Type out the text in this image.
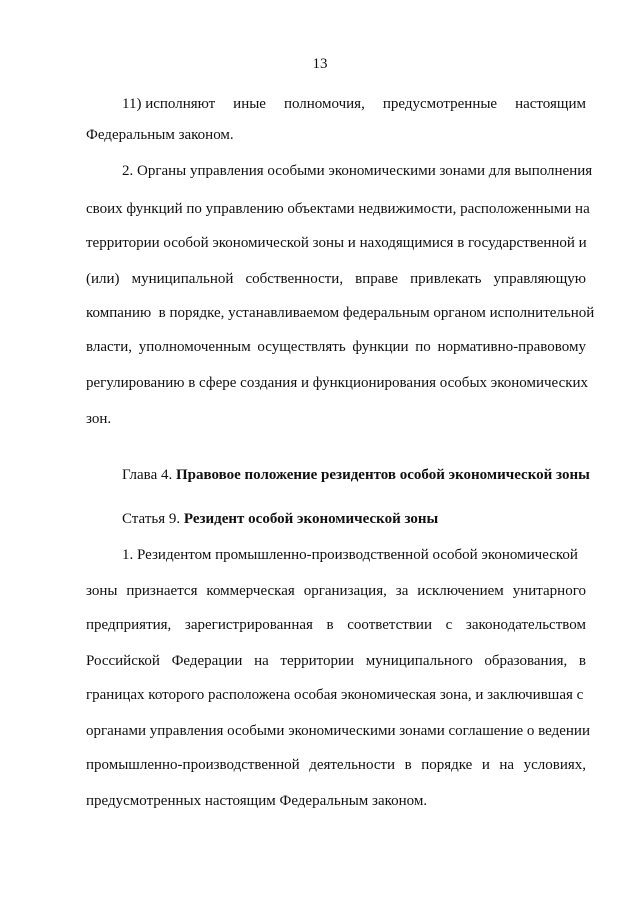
13
11) исполняют иные полномочия, предусмотренные настоящим
Федеральным законом.
2. Органы управления особыми экономическими зонами для выполнения
своих функций по управлению объектами недвижимости, расположенными на
территории особой экономической зоны и находящимися в государственной и
(или) муниципальной собственности, вправе привлекать управляющую
компанию  в порядке, устанавливаемом федеральным органом исполнительной
власти, уполномоченным осуществлять функции по нормативно-правовому
регулированию в сфере создания и функционирования особых экономических
зон.
Глава 4. Правовое положение резидентов особой экономической зоны
Статья 9. Резидент особой экономической зоны
1. Резидентом промышленно-производственной особой экономической
зоны признается коммерческая организация, за исключением унитарного
предприятия, зарегистрированная в соответствии с законодательством
Российской Федерации на территории муниципального образования, в
границах которого расположена особая экономическая зона, и заключившая с
органами управления особыми экономическими зонами соглашение о ведении
промышленно-производственной деятельности в порядке и на условиях,
предусмотренных настоящим Федеральным законом.
